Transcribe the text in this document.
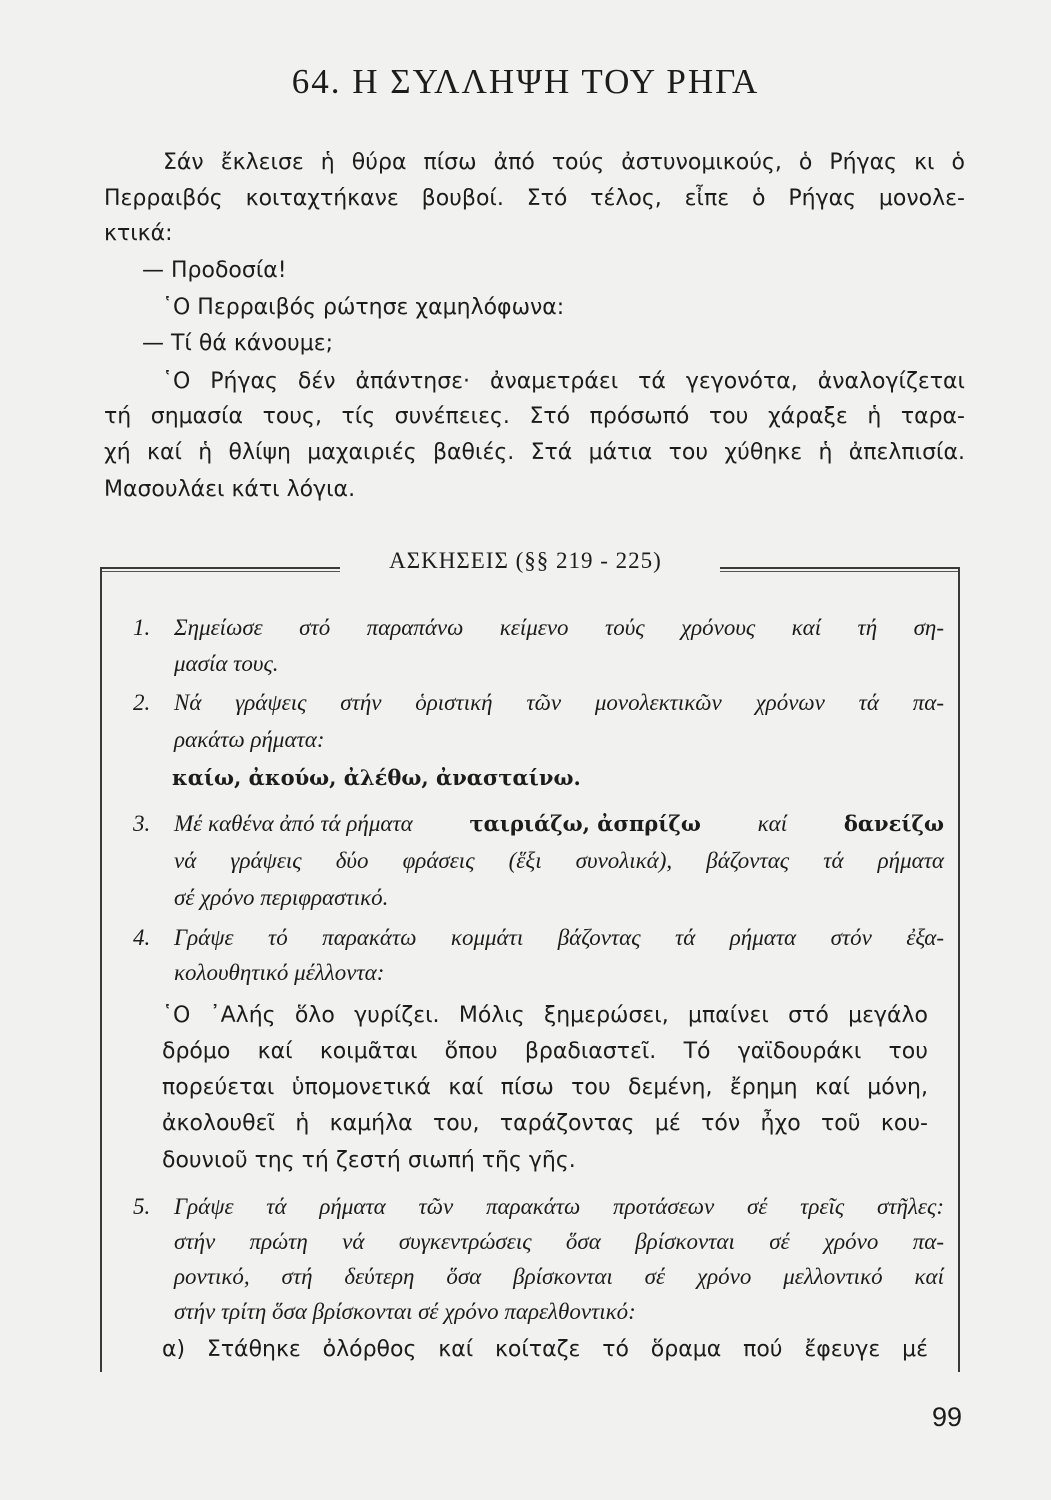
64. Η ΣΥΛΛΗΨΗ ΤΟΥ ΡΗΓΑ
Σάν ἔκλεισε ἡ θύρα πίσω ἀπό τούς ἀστυνομικούς, ὁ Ρήγας κι ὁ
Περραιβός κοιταχτήκανε βουβοί. Στό τέλος, εἶπε ὁ Ρήγας μονολε-
κτικά:
— Προδοσία!
῾Ο Περραιβός ρώτησε χαμηλόφωνα:
— Τί θά κάνουμε;
῾Ο Ρήγας δέν ἀπάντησε· ἀναμετράει τά γεγονότα, ἀναλογίζεται
τή σημασία τους, τίς συνέπειες. Στό πρόσωπό του χάραξε ἡ ταρα-
χή καί ἡ θλίψη μαχαιριές βαθιές. Στά μάτια του χύθηκε ἡ ἀπελπισία.
Μασουλάει κάτι λόγια.
ΑΣΚΗΣΕΙΣ (§§ 219 - 225)
1. Σημείωσε στό παραπάνω κείμενο τούς χρόνους καί τή ση-
μασία τους.
2. Νά γράψεις στήν ὁριστική τῶν μονολεκτικῶν χρόνων τά πα-
ρακάτω ρήματα:
καίω, ἀκούω, ἀλέθω, ἀνασταίνω.
3. Μέ καθένα ἀπό τά ρήματα	ταιριάζω, ἀσπρίζω καί	δανείζω
νά γράψεις δύο φράσεις (ἕξι συνολικά), βάζοντας τά ρήματα
σέ χρόνο περιφραστικό.
4. Γράψε τό παρακάτω κομμάτι βάζοντας τά ρήματα στόν ἐξα-
κολουθητικό μέλλοντα:
῾Ο ᾿Αλής ὅλο γυρίζει. Μόλις ξημερώσει, μπαίνει στό μεγάλο
δρόμο καί κοιμᾶται ὅπου βραδιαστεῖ. Τό γαϊδουράκι του
πορεύεται ὑπομονετικά καί πίσω του δεμένη, ἔρημη καί μόνη,
ἀκολουθεῖ ἡ καμήλα του, ταράζοντας μέ τόν ἦχο τοῦ κου-
δουνιοῦ της τή ζεστή σιωπή τῆς γῆς.
5. Γράψε τά ρήματα τῶν παρακάτω προτάσεων σέ τρεῖς στῆλες:
στήν πρώτη νά συγκεντρώσεις ὅσα βρίσκονται σέ χρόνο πα-
ροντικό, στή δεύτερη ὅσα βρίσκονται σέ χρόνο μελλοντικό καί
στήν τρίτη ὅσα βρίσκονται σέ χρόνο παρελθοντικό:
α) Στάθηκε ὀλόρθος καί κοίταζε τό ὅραμα πού ἔφευγε μέ
99
